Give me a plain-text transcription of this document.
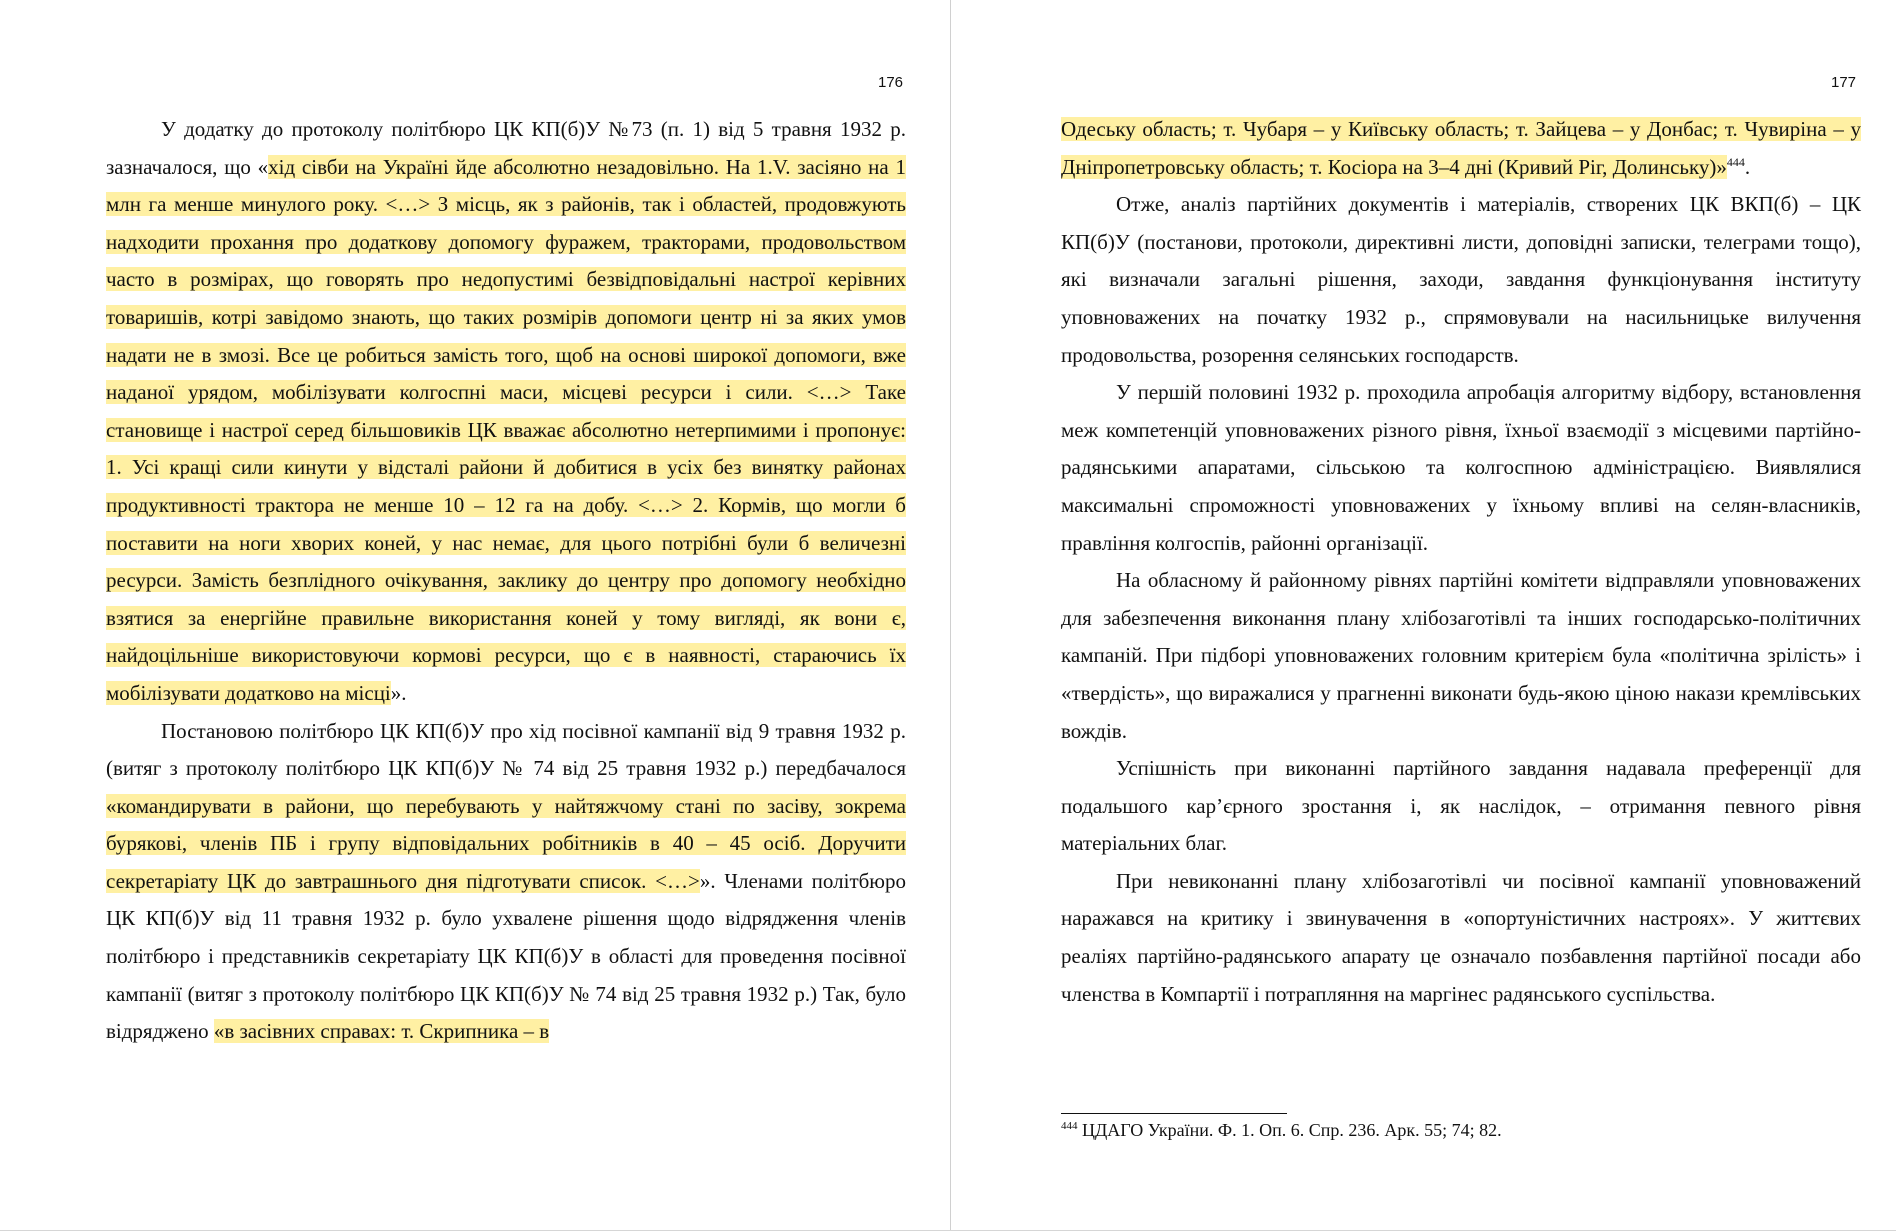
176

У додатку до протоколу політбюро ЦК КП(б)У №73 (п. 1) від 5 травня 1932 р. зазначалося, що «хід сівби на Україні йде абсолютно незадовільно. На 1.V. засіяно на 1 млн га менше минулого року. <…> З місць, як з районів, так і областей, продовжують надходити прохання про додаткову допомогу фуражем, тракторами, продовольством часто в розмірах, що говорять про недопустимі безвідповідальні настрої керівних товаришів, котрі завідомо знають, що таких розмірів допомоги центр ні за яких умов надати не в змозі. Все це робиться замість того, щоб на основі широкої допомоги, вже наданої урядом, мобілізувати колгоспні маси, місцеві ресурси і сили. <…> Таке становище і настрої серед більшовиків ЦК вважає абсолютно нетерпимими і пропонує: 1. Усі кращі сили кинути у відсталі райони й добитися в усіх без винятку районах продуктивності трактора не менше 10 – 12 га на добу. <…> 2. Кормів, що могли б поставити на ноги хворих коней, у нас немає, для цього потрібні були б величезні ресурси. Замість безплідного очікування, заклику до центру про допомогу необхідно взятися за енергійне правильне використання коней у тому вигляді, як вони є, найдоцільніше використовуючи кормові ресурси, що є в наявності, стараючись їх мобілізувати додатково на місці».

Постановою політбюро ЦК КП(б)У про хід посівної кампанії від 9 травня 1932 р. (витяг з протоколу політбюро ЦК КП(б)У № 74 від 25 травня 1932 р.) передбачалося «командирувати в райони, що перебувають у найтяжчому стані по засіву, зокрема бурякові, членів ПБ і групу відповідальних робітників в 40 – 45 осіб. Доручити секретаріату ЦК до завтрашнього дня підготувати список. <…>». Членами політбюро ЦК КП(б)У від 11 травня 1932 р. було ухвалене рішення щодо відрядження членів політбюро і представників секретаріату ЦК КП(б)У в області для проведення посівної кампанії (витяг з протоколу політбюро ЦК КП(б)У № 74 від 25 травня 1932 р.) Так, було відряджено «в засівних справах: т. Скрипника – в

177

Одеську область; т. Чубаря – у Київську область; т. Зайцева – у Донбас; т. Чувиріна – у Дніпропетровську область; т. Косіора на 3–4 дні (Кривий Ріг, Долинську)»$^{444}$.

Отже, аналіз партійних документів і матеріалів, створених ЦК ВКП(б) – ЦК КП(б)У (постанови, протоколи, директивні листи, доповідні записки, телеграми тощо), які визначали загальні рішення, заходи, завдання функціонування інституту уповноважених на початку 1932 р., спрямовували на насильницьке вилучення продовольства, розорення селянських господарств.

У першій половині 1932 р. проходила апробація алгоритму відбору, встановлення меж компетенцій уповноважених різного рівня, їхньої взаємодії з місцевими партійно-радянськими апаратами, сільською та колгоспною адміністрацією. Виявлялися максимальні спроможності уповноважених у їхньому впливі на селян-власників, правління колгоспів, районні організації.

На обласному й районному рівнях партійні комітети відправляли уповноважених для забезпечення виконання плану хлібозаготівлі та інших господарсько-політичних кампаній. При підборі уповноважених головним критерієм була «політична зрілість» і «твердість», що виражалися у прагненні виконати будь-якою ціною накази кремлівських вождів.

Успішність при виконанні партійного завдання надавала преференції для подальшого кар’єрного зростання і, як наслідок, – отримання певного рівня матеріальних благ.

При невиконанні плану хлібозаготівлі чи посівної кампанії уповноважений наражався на критику і звинувачення в «опортуністичних настроях». У життєвих реаліях партійно-радянського апарату це означало позбавлення партійної посади або членства в Компартії і потрапляння на маргінес радянського суспільства.

$^{444}$ ЦДАГО України. Ф. 1. Оп. 6. Спр. 236. Арк. 55; 74; 82.
